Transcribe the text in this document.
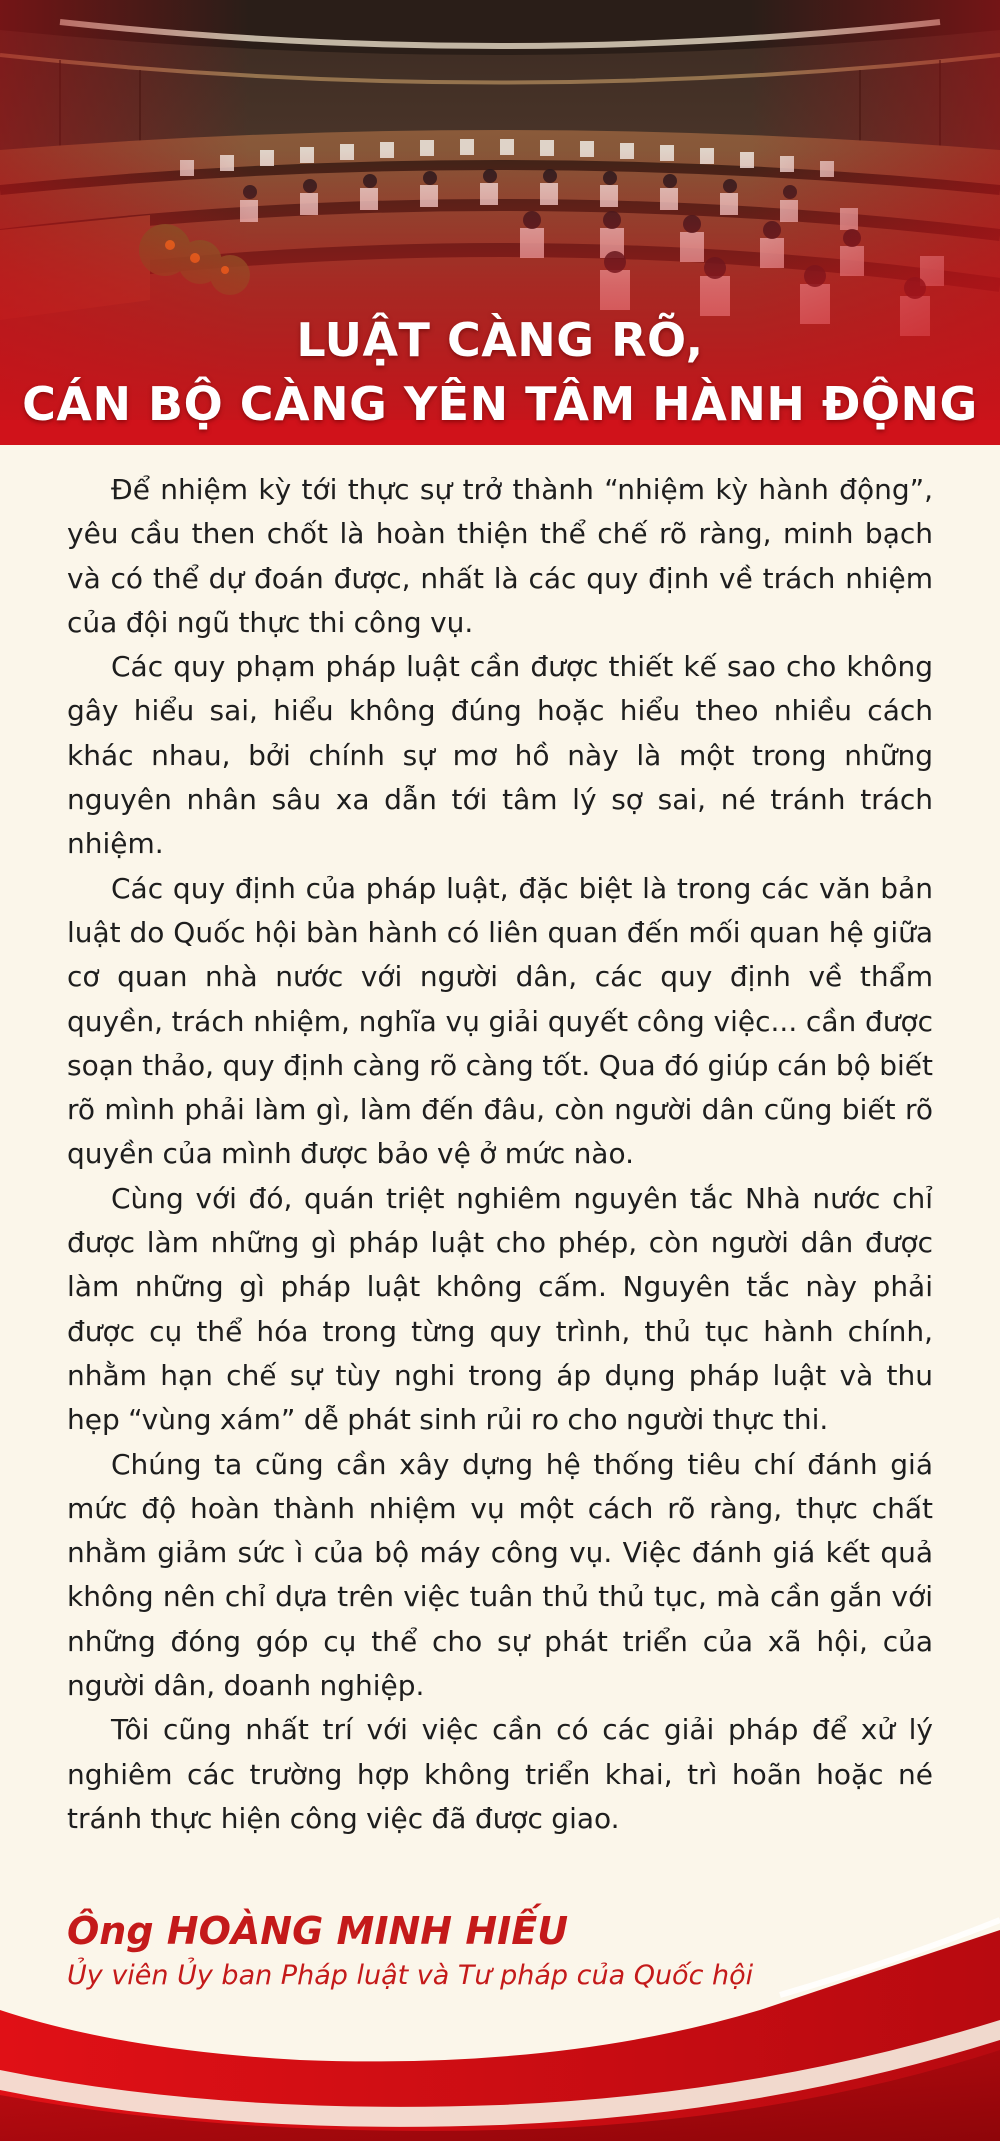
LUẬT CÀNG RÕ,
CÁN BỘ CÀNG YÊN TÂM HÀNH ĐỘNG

Để nhiệm kỳ tới thực sự trở thành “nhiệm kỳ hành động”, yêu cầu then chốt là hoàn thiện thể chế rõ ràng, minh bạch và có thể dự đoán được, nhất là các quy định về trách nhiệm của đội ngũ thực thi công vụ.

Các quy phạm pháp luật cần được thiết kế sao cho không gây hiểu sai, hiểu không đúng hoặc hiểu theo nhiều cách khác nhau, bởi chính sự mơ hồ này là một trong những nguyên nhân sâu xa dẫn tới tâm lý sợ sai, né tránh trách nhiệm.

Các quy định của pháp luật, đặc biệt là trong các văn bản luật do Quốc hội bàn hành có liên quan đến mối quan hệ giữa cơ quan nhà nước với người dân, các quy định về thẩm quyền, trách nhiệm, nghĩa vụ giải quyết công việc... cần được soạn thảo, quy định càng rõ càng tốt. Qua đó giúp cán bộ biết rõ mình phải làm gì, làm đến đâu, còn người dân cũng biết rõ quyền của mình được bảo vệ ở mức nào.

Cùng với đó, quán triệt nghiêm nguyên tắc Nhà nước chỉ được làm những gì pháp luật cho phép, còn người dân được làm những gì pháp luật không cấm. Nguyên tắc này phải được cụ thể hóa trong từng quy trình, thủ tục hành chính, nhằm hạn chế sự tùy nghi trong áp dụng pháp luật và thu hẹp “vùng xám” dễ phát sinh rủi ro cho người thực thi.

Chúng ta cũng cần xây dựng hệ thống tiêu chí đánh giá mức độ hoàn thành nhiệm vụ một cách rõ ràng, thực chất nhằm giảm sức ì của bộ máy công vụ. Việc đánh giá kết quả không nên chỉ dựa trên việc tuân thủ thủ tục, mà cần gắn với những đóng góp cụ thể cho sự phát triển của xã hội, của người dân, doanh nghiệp.

Tôi cũng nhất trí với việc cần có các giải pháp để xử lý nghiêm các trường hợp không triển khai, trì hoãn hoặc né tránh thực hiện công việc đã được giao.

Ông HOÀNG MINH HIẾU
Ủy viên Ủy ban Pháp luật và Tư pháp của Quốc hội
